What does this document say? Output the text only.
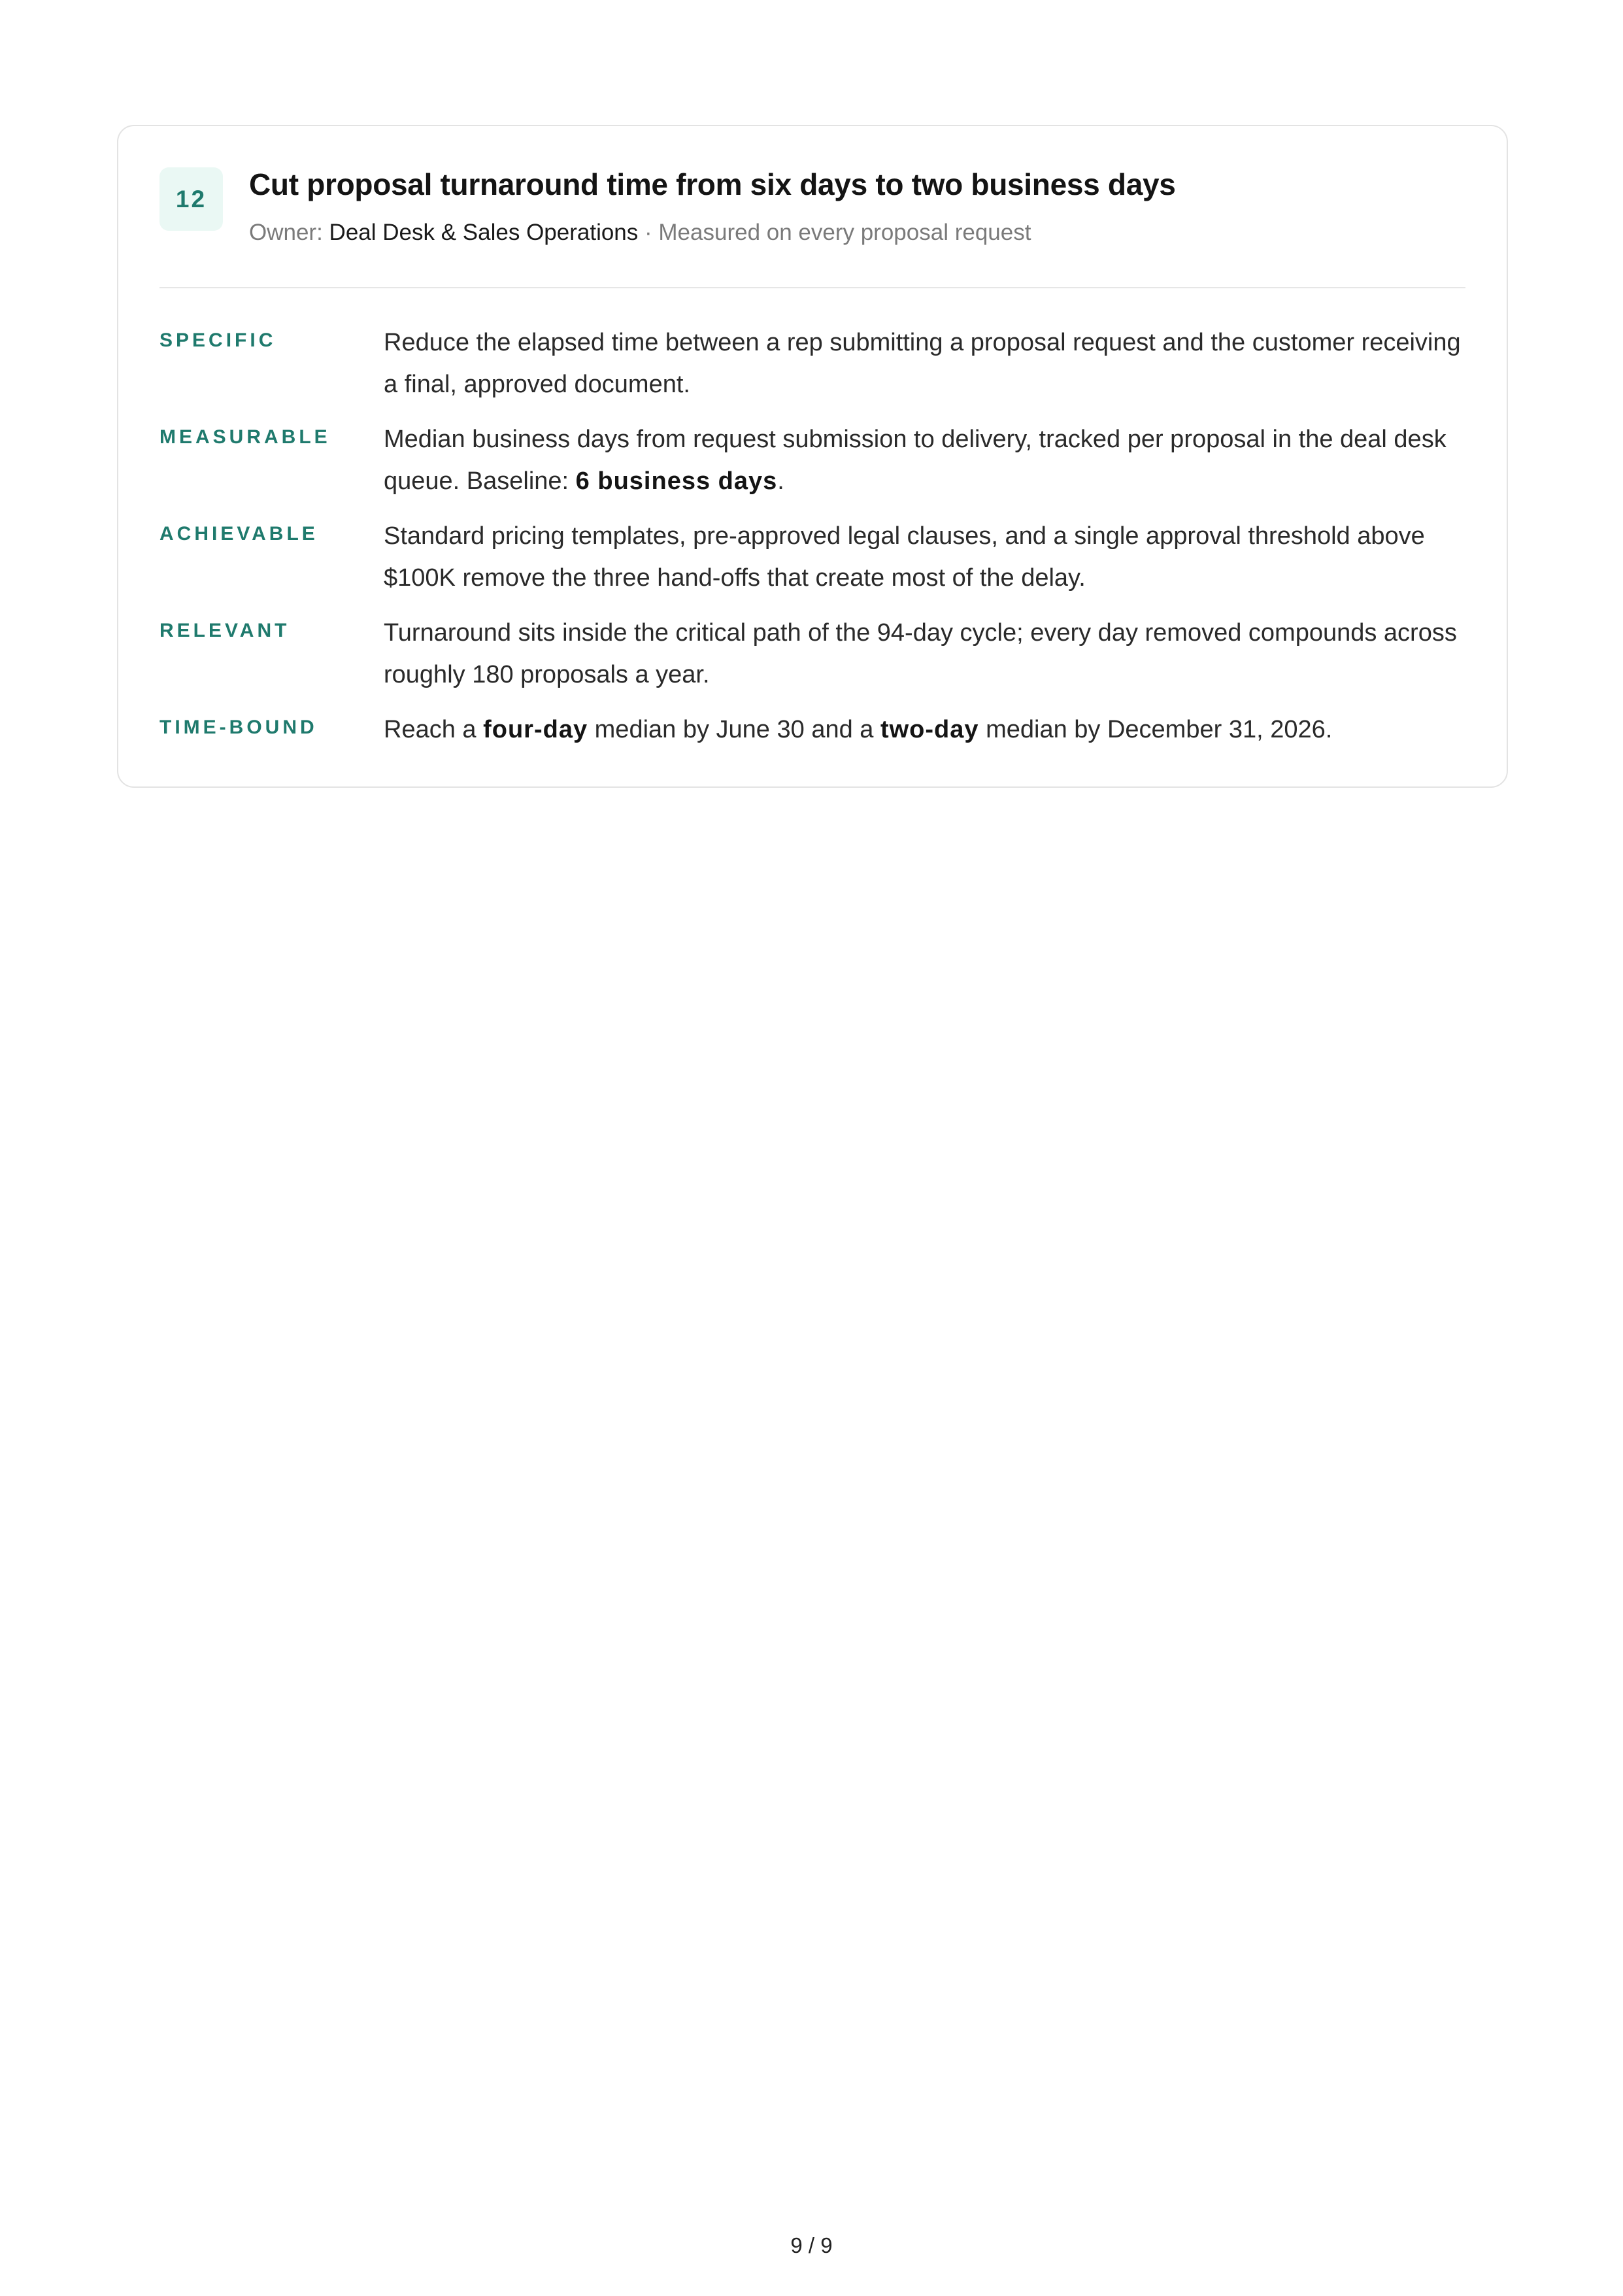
12	Cut proposal turnaround time from six days to two business days
Owner: Deal Desk & Sales Operations · Measured on every proposal request
SPECIFIC	Reduce the elapsed time between a rep submitting a proposal request and the customer receiving a final, approved document.
MEASURABLE Median business days from request submission to delivery, tracked per proposal in the deal desk queue. Baseline: 6 business days.
ACHIEVABLE	Standard pricing templates, pre-approved legal clauses, and a single approval threshold above $100K remove the three hand-offs that create most of the delay.
RELEVANT	Turnaround sits inside the critical path of the 94-day cycle; every day removed compounds across roughly 180 proposals a year.
TIME-BOUND	Reach a four-day median by June 30 and a two-day median by December 31, 2026.
9 / 9
